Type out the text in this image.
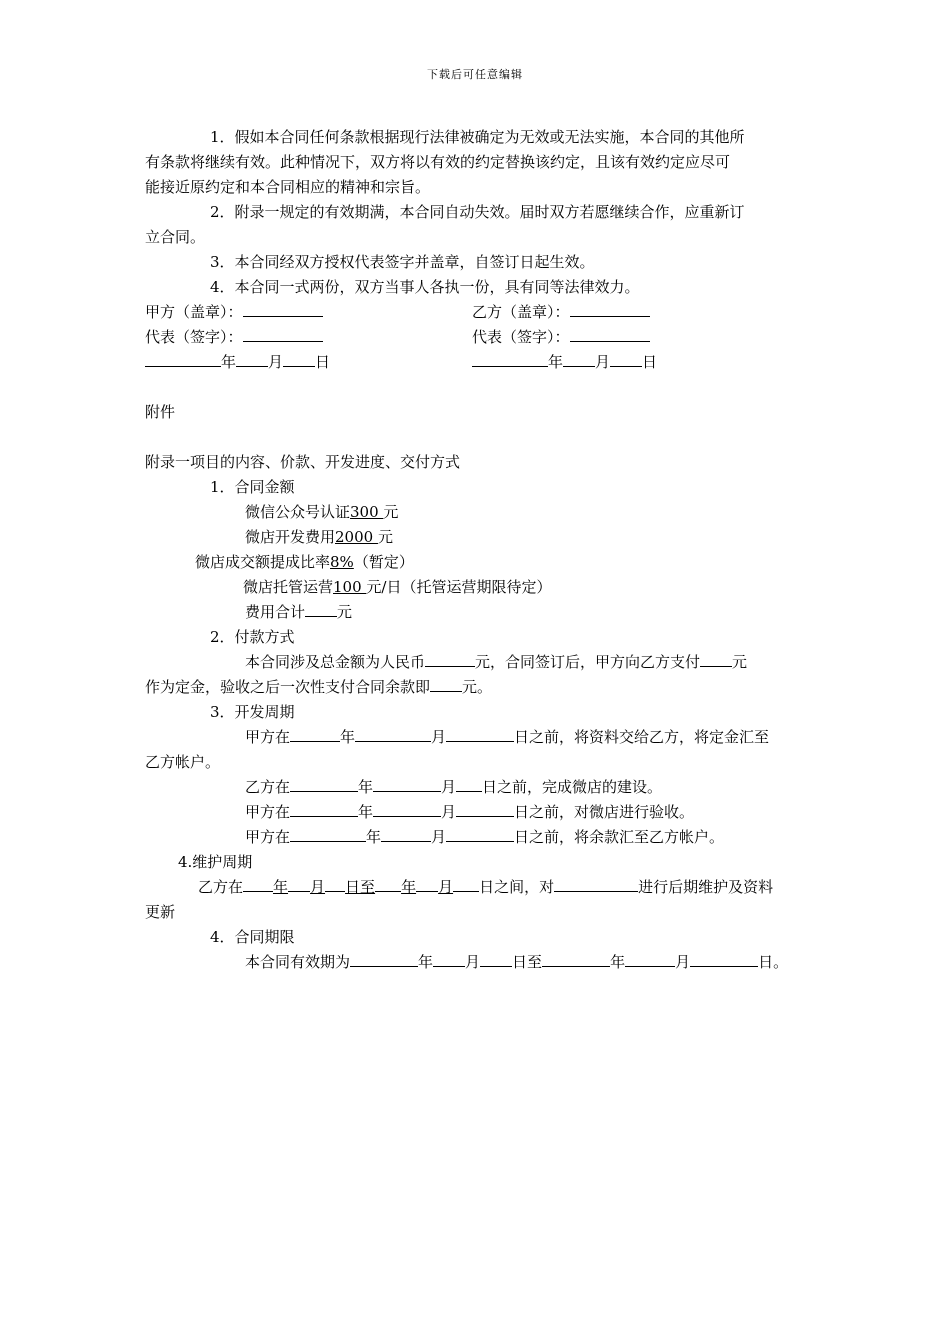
下载后可任意编辑
1．假如本合同任何条款根据现行法律被确定为无效或无法实施，本合同的其他所
有条款将继续有效。此种情况下，双方将以有效的约定替换该约定，且该有效约定应尽可
能接近原约定和本合同相应的精神和宗旨。
2．附录一规定的有效期满，本合同自动失效。届时双方若愿继续合作，应重新订
立合同。
3．本合同经双方授权代表签字并盖章，自签订日起生效。
4．本合同一式两份，双方当事人各执一份，具有同等法律效力。
甲方（盖章）：	乙方（盖章）：
代表（签字）：	代表（签字）：
年 月 日	年 月 日
附件
附录一项目的内容、价款、开发进度、交付方式
1．合同金额
微信公众号认证300 元
微店开发费用2000 元
微店成交额提成比率8%（暂定）
微店托管运营100 元/日（托管运营期限待定）
费用合计 元
2．付款方式
本合同涉及总金额为人民币	元，合同签订后，甲方向乙方支付 元
作为定金，验收之后一次性支付合同余款即 元。
3．开发周期
甲方在	年	月	日之前，将资料交给乙方，将定金汇至
乙方帐户。
乙方在	年	月 日之前，完成微店的建设。
甲方在	年	月	日之前，对微店进行验收。
甲方在	年	月	日之前，将余款汇至乙方帐户。
4.维护周期
乙方在 年 月 日至 年 月 日之间，对	进行后期维护及资料
更新
4．合同期限
本合同有效期为	年 月 日至	年	月	日。
